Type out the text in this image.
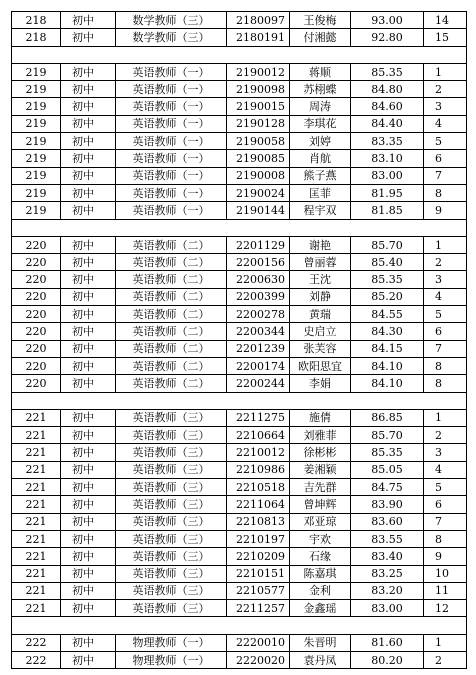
218	初中	数学教师（三）	2180097	王俊梅	93.00	14
218	初中	数学教师（三）	2180191	付湘懿	92.80	15

219	初中	英语教师（一）	2190012	蒋顺	85.35	1
219	初中	英语教师（一）	2190098	苏栩蝶	84.80	2
219	初中	英语教师（一）	2190015	周涛	84.60	3
219	初中	英语教师（一）	2190128	李琪花	84.40	4
219	初中	英语教师（一）	2190058	刘婷	83.35	5
219	初中	英语教师（一）	2190085	肖航	83.10	6
219	初中	英语教师（一）	2190008	熊子燕	83.00	7
219	初中	英语教师（一）	2190024	匡菲	81.95	8
219	初中	英语教师（一）	2190144	程宇双	81.85	9

220	初中	英语教师（二）	2201129	谢艳	85.70	1
220	初中	英语教师（二）	2200156	曾丽蓉	85.40	2
220	初中	英语教师（二）	2200630	王沈	85.35	3
220	初中	英语教师（二）	2200399	刘静	85.20	4
220	初中	英语教师（二）	2200278	黄瑞	84.55	5
220	初中	英语教师（二）	2200344	史启立	84.30	6
220	初中	英语教师（二）	2201239	张芙容	84.15	7
220	初中	英语教师（二）	2200174	欧阳思宜	84.10	8
220	初中	英语教师（二）	2200244	李娟	84.10	8

221	初中	英语教师（三）	2211275	施倩	86.85	1
221	初中	英语教师（三）	2210664	刘雅菲	85.70	2
221	初中	英语教师（三）	2210012	徐彬彬	85.35	3
221	初中	英语教师（三）	2210986	姜湘颖	85.05	4
221	初中	英语教师（三）	2210518	吉先群	84.75	5
221	初中	英语教师（三）	2211064	曾坤辉	83.90	6
221	初中	英语教师（三）	2210813	邓亚琼	83.60	7
221	初中	英语教师（三）	2210197	宇欢	83.55	8
221	初中	英语教师（三）	2210209	石缘	83.40	9
221	初中	英语教师（三）	2210151	陈嘉琪	83.25	10
221	初中	英语教师（三）	2210577	金利	83.20	11
221	初中	英语教师（三）	2211257	金鑫瑶	83.00	12

222	初中	物理教师（一）	2220010	朱晋明	81.60	1
222	初中	物理教师（一）	2220020	袁丹凤	80.20	2
